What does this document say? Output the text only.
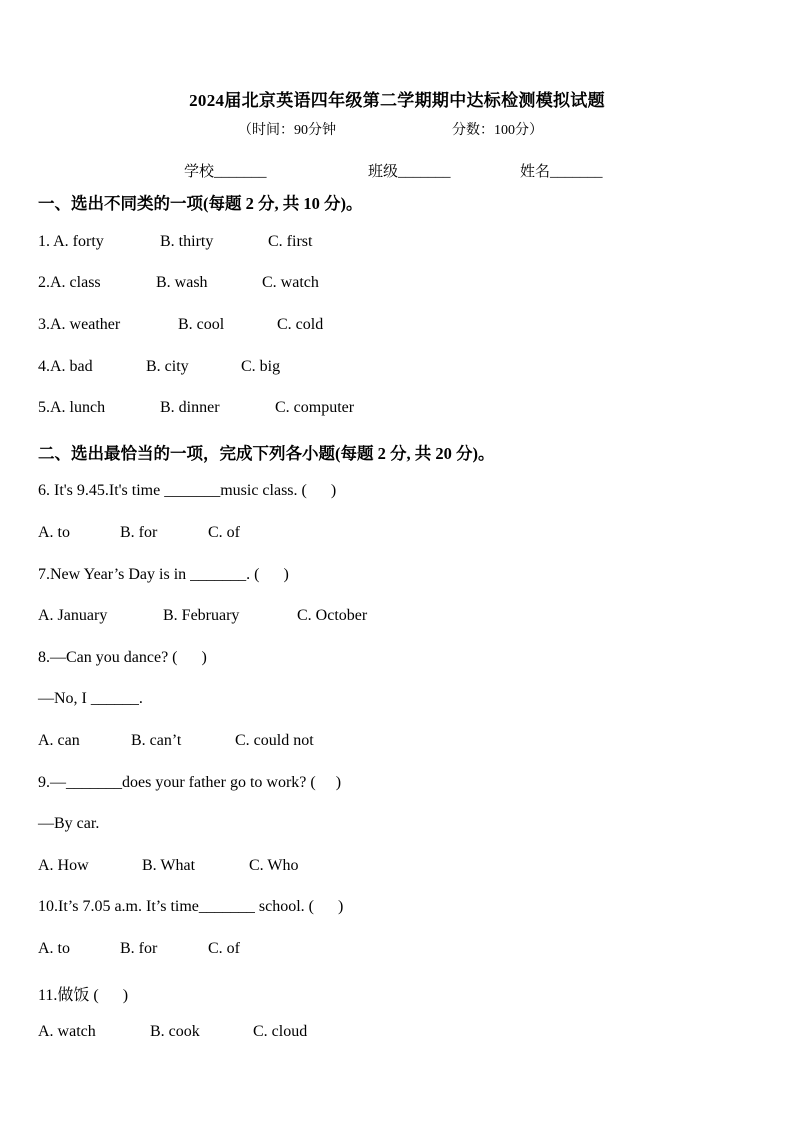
2024届北京英语四年级第二学期期中达标检测模拟试题
（时间：90分钟	分数：100分）
学校_______	班级_______	姓名_______
一、选出不同类的一项(每题 2 分, 共 10 分)。
1. A. forty	B. thirty	C. first
2.A. class	B. wash	C. watch
3.A. weather	B. cool	C. cold
4.A. bad	B. city	C. big
5.A. lunch	B. dinner	C. computer
二、选出最恰当的一项，完成下列各小题(每题 2 分, 共 20 分)。
6. It's 9.45.It's time _______music class. (      )
A. to	B. for	C. of
7.New Year’s Day is in _______. (      )
A. January	B. February	C. October
8.—Can you dance? (      )
—No, I ______.
A. can	B. can’t	C. could not
9.—_______does your father go to work? (     )
—By car.
A. How	B. What	C. Who
10.It’s 7.05 a.m. It’s time_______ school. (      )
A. to	B. for	C. of
11.做饭 (      )
A. watch	B. cook	C. cloud
